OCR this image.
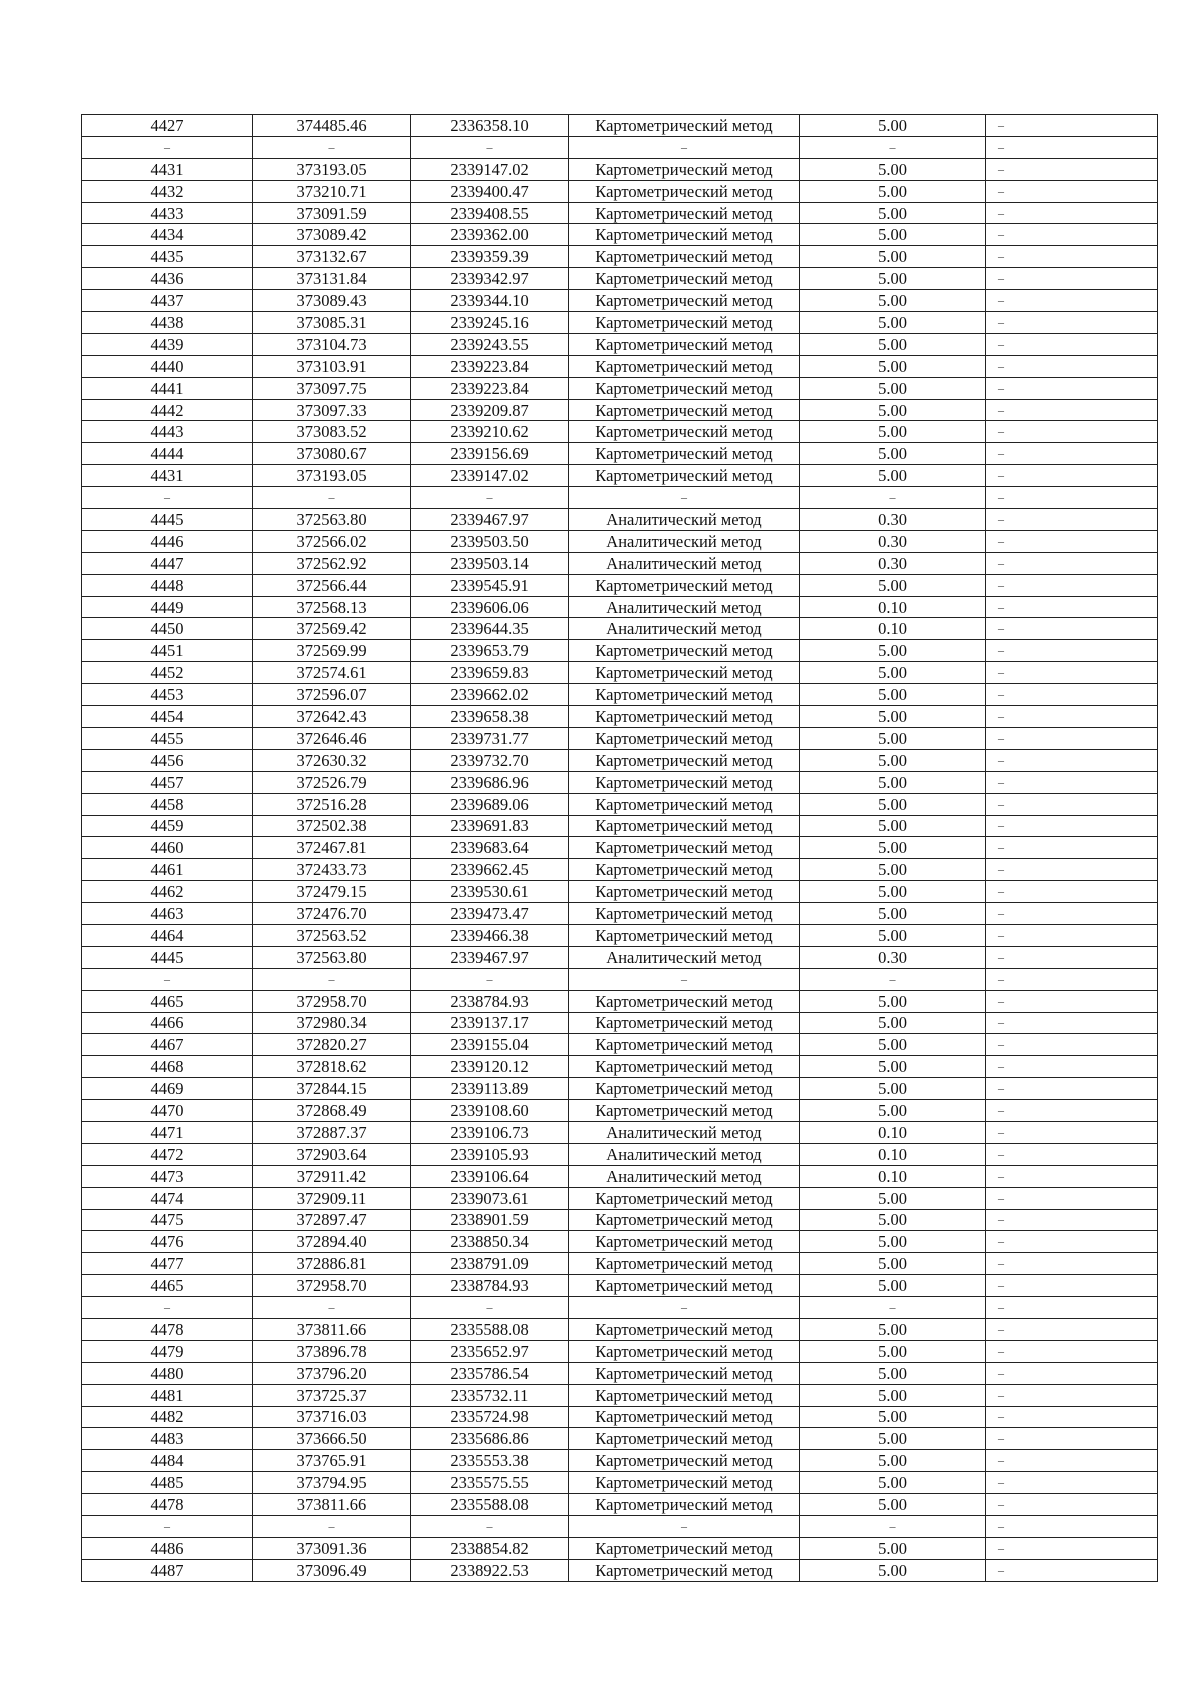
4427	374485.46	2336358.10	Картометрический метод	5.00	–
–	–	–	–	–	–
4431	373193.05	2339147.02	Картометрический метод	5.00	–
4432	373210.71	2339400.47	Картометрический метод	5.00	–
4433	373091.59	2339408.55	Картометрический метод	5.00	–
4434	373089.42	2339362.00	Картометрический метод	5.00	–
4435	373132.67	2339359.39	Картометрический метод	5.00	–
4436	373131.84	2339342.97	Картометрический метод	5.00	–
4437	373089.43	2339344.10	Картометрический метод	5.00	–
4438	373085.31	2339245.16	Картометрический метод	5.00	–
4439	373104.73	2339243.55	Картометрический метод	5.00	–
4440	373103.91	2339223.84	Картометрический метод	5.00	–
4441	373097.75	2339223.84	Картометрический метод	5.00	–
4442	373097.33	2339209.87	Картометрический метод	5.00	–
4443	373083.52	2339210.62	Картометрический метод	5.00	–
4444	373080.67	2339156.69	Картометрический метод	5.00	–
4431	373193.05	2339147.02	Картометрический метод	5.00	–
–	–	–	–	–	–
4445	372563.80	2339467.97	Аналитический метод	0.30	–
4446	372566.02	2339503.50	Аналитический метод	0.30	–
4447	372562.92	2339503.14	Аналитический метод	0.30	–
4448	372566.44	2339545.91	Картометрический метод	5.00	–
4449	372568.13	2339606.06	Аналитический метод	0.10	–
4450	372569.42	2339644.35	Аналитический метод	0.10	–
4451	372569.99	2339653.79	Картометрический метод	5.00	–
4452	372574.61	2339659.83	Картометрический метод	5.00	–
4453	372596.07	2339662.02	Картометрический метод	5.00	–
4454	372642.43	2339658.38	Картометрический метод	5.00	–
4455	372646.46	2339731.77	Картометрический метод	5.00	–
4456	372630.32	2339732.70	Картометрический метод	5.00	–
4457	372526.79	2339686.96	Картометрический метод	5.00	–
4458	372516.28	2339689.06	Картометрический метод	5.00	–
4459	372502.38	2339691.83	Картометрический метод	5.00	–
4460	372467.81	2339683.64	Картометрический метод	5.00	–
4461	372433.73	2339662.45	Картометрический метод	5.00	–
4462	372479.15	2339530.61	Картометрический метод	5.00	–
4463	372476.70	2339473.47	Картометрический метод	5.00	–
4464	372563.52	2339466.38	Картометрический метод	5.00	–
4445	372563.80	2339467.97	Аналитический метод	0.30	–
–	–	–	–	–	–
4465	372958.70	2338784.93	Картометрический метод	5.00	–
4466	372980.34	2339137.17	Картометрический метод	5.00	–
4467	372820.27	2339155.04	Картометрический метод	5.00	–
4468	372818.62	2339120.12	Картометрический метод	5.00	–
4469	372844.15	2339113.89	Картометрический метод	5.00	–
4470	372868.49	2339108.60	Картометрический метод	5.00	–
4471	372887.37	2339106.73	Аналитический метод	0.10	–
4472	372903.64	2339105.93	Аналитический метод	0.10	–
4473	372911.42	2339106.64	Аналитический метод	0.10	–
4474	372909.11	2339073.61	Картометрический метод	5.00	–
4475	372897.47	2338901.59	Картометрический метод	5.00	–
4476	372894.40	2338850.34	Картометрический метод	5.00	–
4477	372886.81	2338791.09	Картометрический метод	5.00	–
4465	372958.70	2338784.93	Картометрический метод	5.00	–
–	–	–	–	–	–
4478	373811.66	2335588.08	Картометрический метод	5.00	–
4479	373896.78	2335652.97	Картометрический метод	5.00	–
4480	373796.20	2335786.54	Картометрический метод	5.00	–
4481	373725.37	2335732.11	Картометрический метод	5.00	–
4482	373716.03	2335724.98	Картометрический метод	5.00	–
4483	373666.50	2335686.86	Картометрический метод	5.00	–
4484	373765.91	2335553.38	Картометрический метод	5.00	–
4485	373794.95	2335575.55	Картометрический метод	5.00	–
4478	373811.66	2335588.08	Картометрический метод	5.00	–
–	–	–	–	–	–
4486	373091.36	2338854.82	Картометрический метод	5.00	–
4487	373096.49	2338922.53	Картометрический метод	5.00	–
